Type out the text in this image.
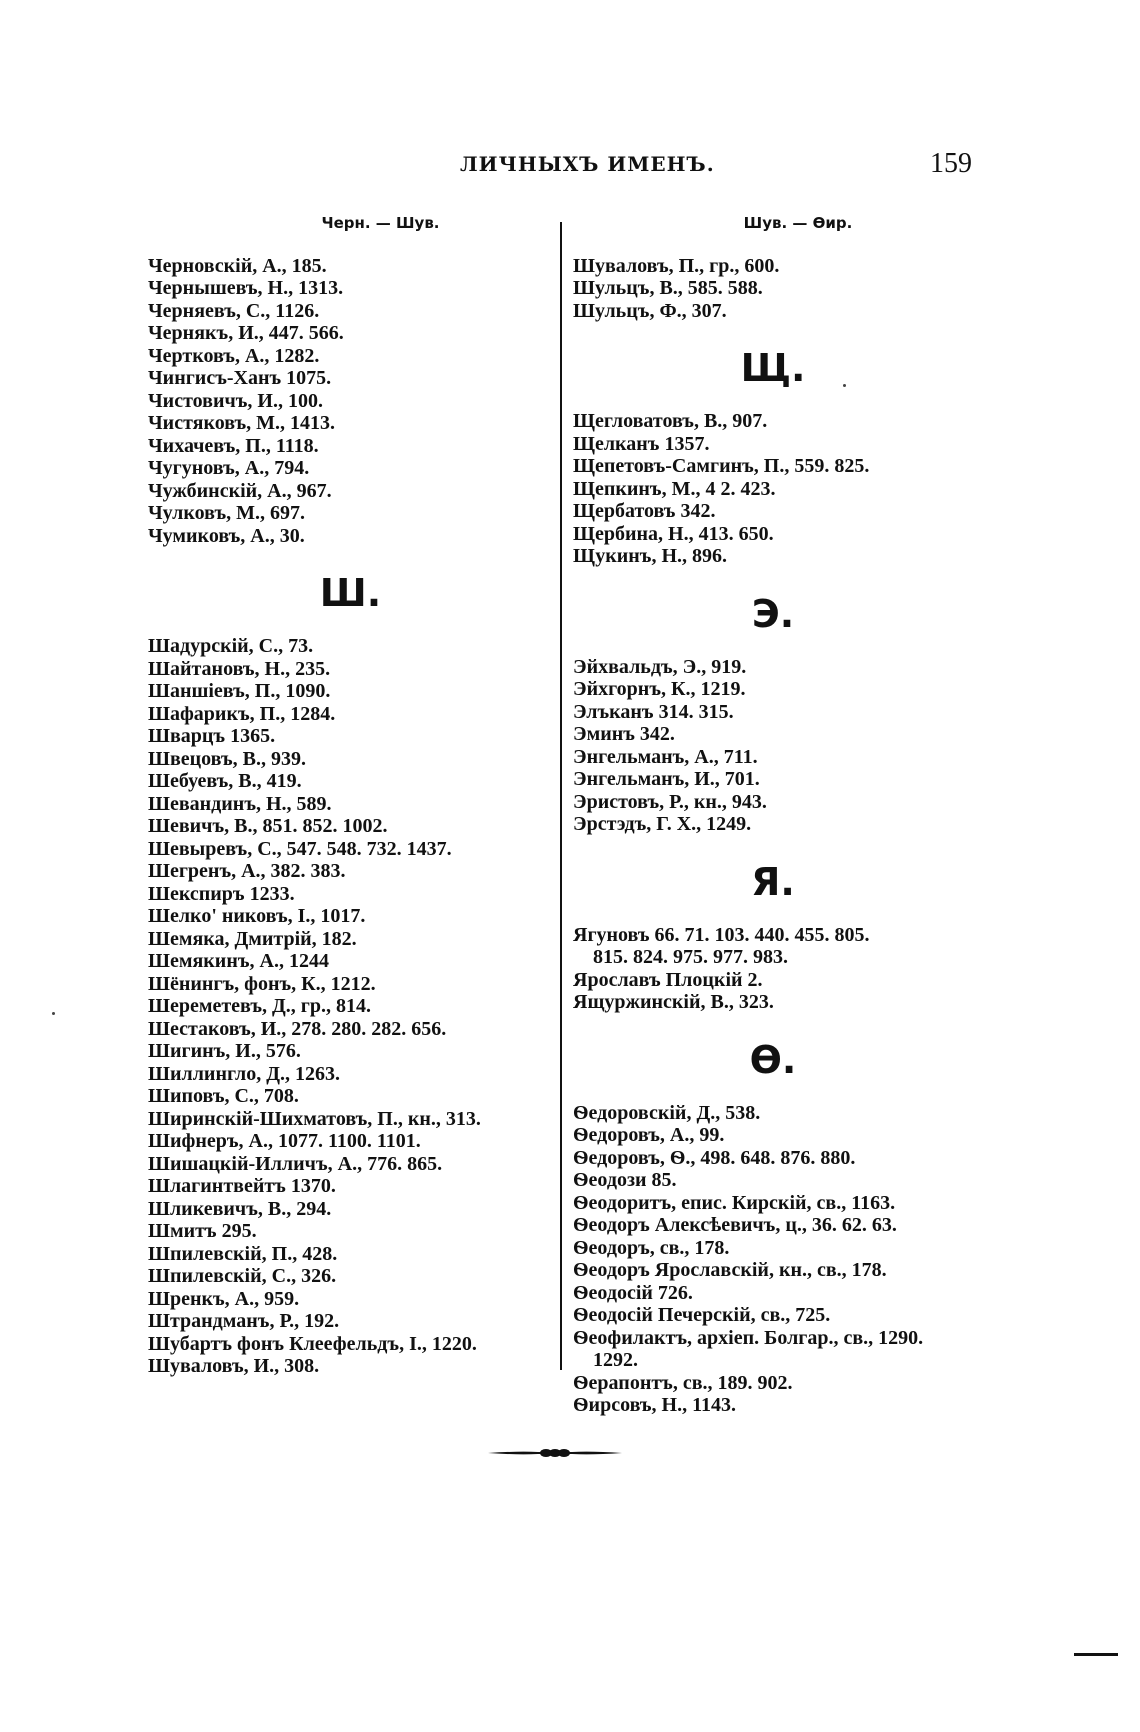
ЛИЧНЫХЪ ИМЕНЪ.	159
Черн. — Шув.
Черновскій, А., 185.
Чернышевъ, Н., 1313.
Черняевъ, С., 1126.
Чернякъ, И., 447. 566.
Чертковъ, А., 1282.
Чингисъ-Ханъ 1075.
Чистовичъ, И., 100.
Чистяковъ, М., 1413.
Чихачевъ, П., 1118.
Чугуновъ, А., 794.
Чужбинскій, А., 967.
Чулковъ, М., 697.
Чумиковъ, А., 30.
Ш.
Шадурскій, С., 73.
Шайтановъ, Н., 235.
Шаншіевъ, П., 1090.
Шафарикъ, П., 1284.
Шварцъ 1365.
Швецовъ, В., 939.
Шебуевъ, В., 419.
Шевандинъ, Н., 589.
Шевичъ, В., 851. 852. 1002.
Шевыревъ, С., 547. 548. 732. 1437.
Шегренъ, А., 382. 383.
Шекспиръ 1233.
Шелко' никовъ, І., 1017.
Шемяка, Дмитрій, 182.
Шемякинъ, А., 1244
Шёнингъ, фонъ, К., 1212.
Шереметевъ, Д., гр., 814.
Шестаковъ, И., 278. 280. 282. 656.
Шигинъ, И., 576.
Шиллингло, Д., 1263.
Шиповъ, С., 708.
Ширинскій-Шихматовъ, П., кн., 313.
Шифнеръ, А., 1077. 1100. 1101.
Шишацкій-Илличъ, А., 776. 865.
Шлагинтвейтъ 1370.
Шликевичъ, В., 294.
Шмитъ 295.
Шпилевскій, П., 428.
Шпилевскій, С., 326.
Шренкъ, А., 959.
Штрандманъ, Р., 192.
Шубартъ фонъ Клеефельдъ, І., 1220.
Шуваловъ, И., 308.
Шув. — Өир.
Шуваловъ, П., гр., 600.
Шульцъ, В., 585. 588.
Шульцъ, Ф., 307.
Щ.
Щегловатовъ, В., 907.
Щелканъ 1357.
Щепетовъ-Самгинъ, П., 559. 825.
Щепкинъ, М., 4 2. 423.
Щербатовъ 342.
Щербина, Н., 413. 650.
Щукинъ, Н., 896.
Э.
Эйхвальдъ, Э., 919.
Эйхгорнъ, К., 1219.
Элъканъ 314. 315.
Эминъ 342.
Энгельманъ, А., 711.
Энгельманъ, И., 701.
Эристовъ, Р., кн., 943.
Эрстэдъ, Г. Х., 1249.
Я.
Ягуновъ 66. 71. 103. 440. 455. 805.
815. 824. 975. 977. 983.
Ярославъ Плоцкій 2.
Ящуржинскій, В., 323.
Ѳ.
Ѳедоровскій, Д., 538.
Ѳедоровъ, А., 99.
Ѳедоровъ, Ѳ., 498. 648. 876. 880.
Ѳеодози 85.
Ѳеодоритъ, епис. Кирскій, св., 1163.
Ѳеодоръ Алексѣевичъ, ц., 36. 62. 63.
Ѳеодоръ, св., 178.
Ѳеодоръ Ярославскій, кн., св., 178.
Ѳеодосій 726.
Ѳеодосій Печерскій, св., 725.
Ѳеофилактъ, архіеп. Болгар., св., 1290.
1292.
Ѳерапонтъ, св., 189. 902.
Ѳирсовъ, Н., 1143.
